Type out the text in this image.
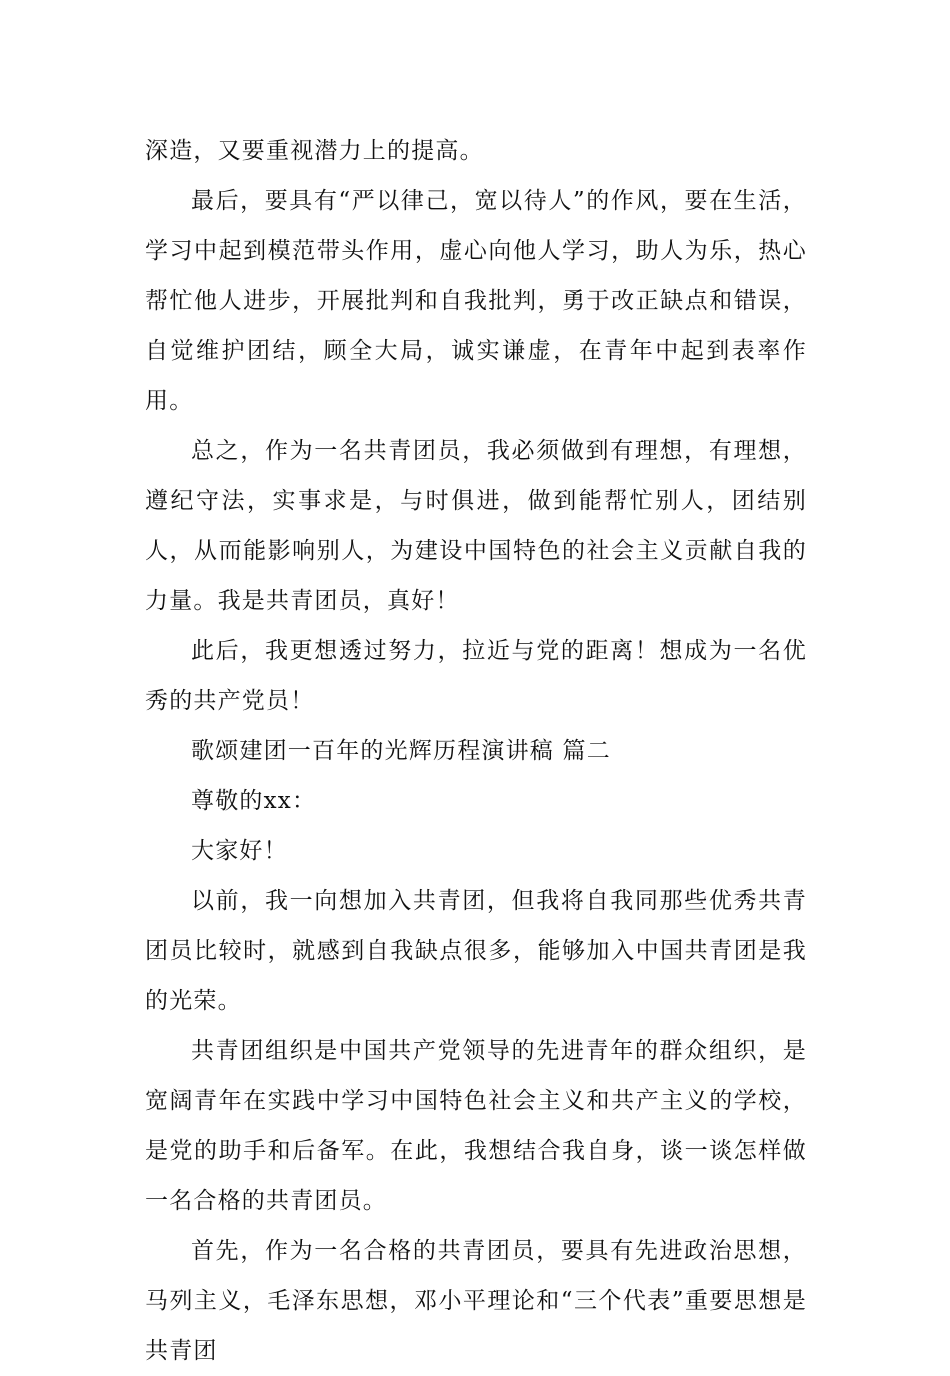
深造，又要重视潜力上的提高。

最后，要具有“严以律己，宽以待人”的作风，要在生活，学习中起到模范带头作用，虚心向他人学习，助人为乐，热心帮忙他人进步，开展批判和自我批判，勇于改正缺点和错误，自觉维护团结，顾全大局，诚实谦虚，在青年中起到表率作用。

总之，作为一名共青团员，我必须做到有理想，有理想，遵纪守法，实事求是，与时俱进，做到能帮忙别人，团结别人，从而能影响别人，为建设中国特色的社会主义贡献自我的力量。我是共青团员，真好！

此后，我更想透过努力，拉近与党的距离！想成为一名优秀的共产党员！

歌颂建团一百年的光辉历程演讲稿 篇二

尊敬的xx：

大家好！

以前，我一向想加入共青团，但我将自我同那些优秀共青团员比较时，就感到自我缺点很多，能够加入中国共青团是我的光荣。

共青团组织是中国共产党领导的先进青年的群众组织，是宽阔青年在实践中学习中国特色社会主义和共产主义的学校，是党的助手和后备军。在此，我想结合我自身，谈一谈怎样做一名合格的共青团员。

首先，作为一名合格的共青团员，要具有先进政治思想，马列主义，毛泽东思想，邓小平理论和“三个代表”重要思想是共青团
